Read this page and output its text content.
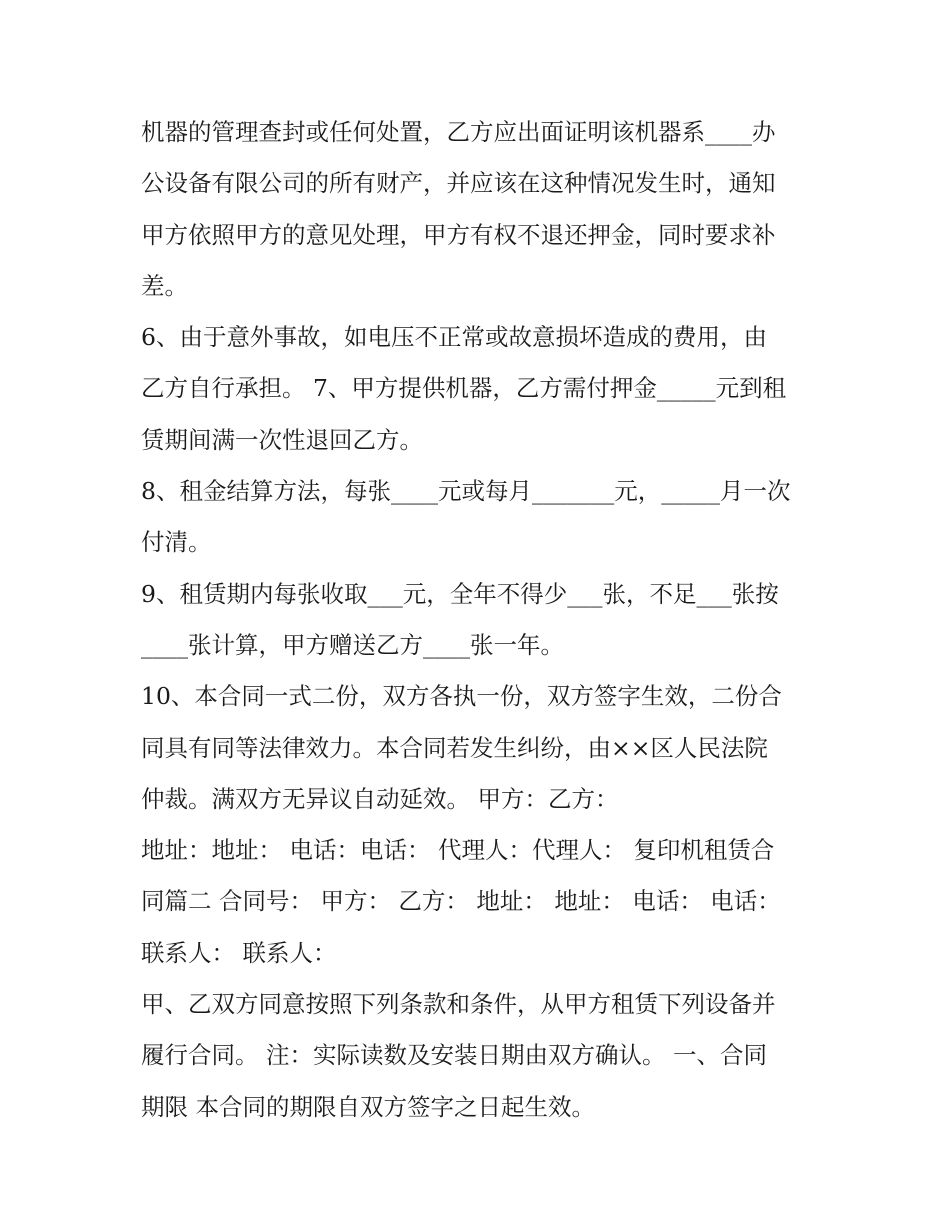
机器的管理查封或任何处置，乙方应出面证明该机器系____办
公设备有限公司的所有财产，并应该在这种情况发生时，通知
甲方依照甲方的意见处理，甲方有权不退还押金，同时要求补
差。
6、由于意外事故，如电压不正常或故意损坏造成的费用，由
乙方自行承担。 7、甲方提供机器，乙方需付押金_____元到租
赁期间满一次性退回乙方。
8、租金结算方法，每张____元或每月_______元，_____月一次
付清。
9、租赁期内每张收取___元，全年不得少___张，不足___张按
____张计算，甲方赠送乙方____张一年。
10、本合同一式二份，双方各执一份，双方签字生效，二份合
同具有同等法律效力。本合同若发生纠纷，由××区人民法院
仲裁。满双方无异议自动延效。 甲方：乙方：
地址：地址： 电话：电话： 代理人：代理人： 复印机租赁合
同篇二 合同号： 甲方： 乙方： 地址： 地址： 电话： 电话：
联系人： 联系人：
甲、乙双方同意按照下列条款和条件，从甲方租赁下列设备并
履行合同。 注：实际读数及安装日期由双方确认。 一、合同
期限 本合同的期限自双方签字之日起生效。
